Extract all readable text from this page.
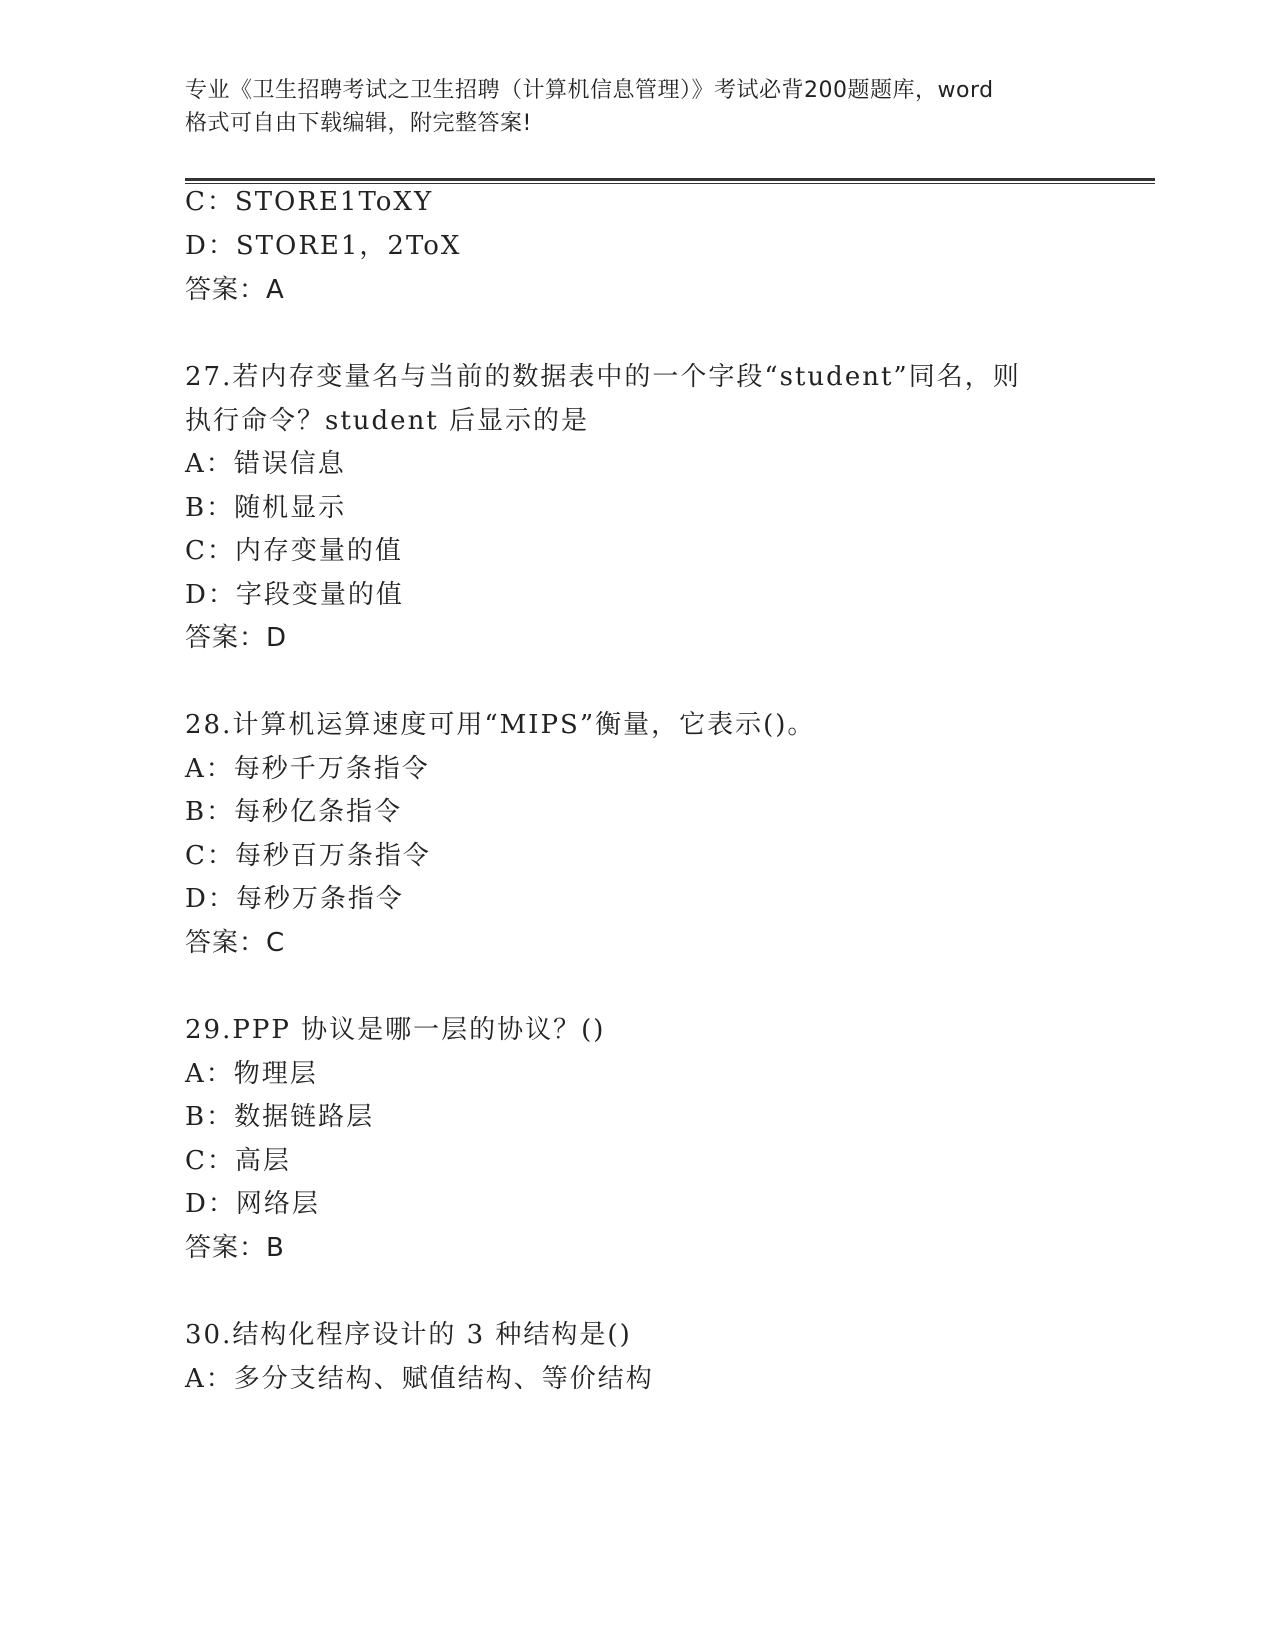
专业《卫生招聘考试之卫生招聘（计算机信息管理）》考试必背200题题库，word
格式可自由下载编辑，附完整答案!
C：STORE1ToXY
D：STORE1，2ToX
答案：A
27.若内存变量名与当前的数据表中的一个字段“student”同名，则
执行命令？student 后显示的是
A：错误信息
B：随机显示
C：内存变量的值
D：字段变量的值
答案：D
28.计算机运算速度可用“MIPS”衡量，它表示()。
A：每秒千万条指令
B：每秒亿条指令
C：每秒百万条指令
D：每秒万条指令
答案：C
29.PPP 协议是哪一层的协议？()
A：物理层
B：数据链路层
C：高层
D：网络层
答案：B
30.结构化程序设计的 3 种结构是()
A：多分支结构、赋值结构、等价结构
